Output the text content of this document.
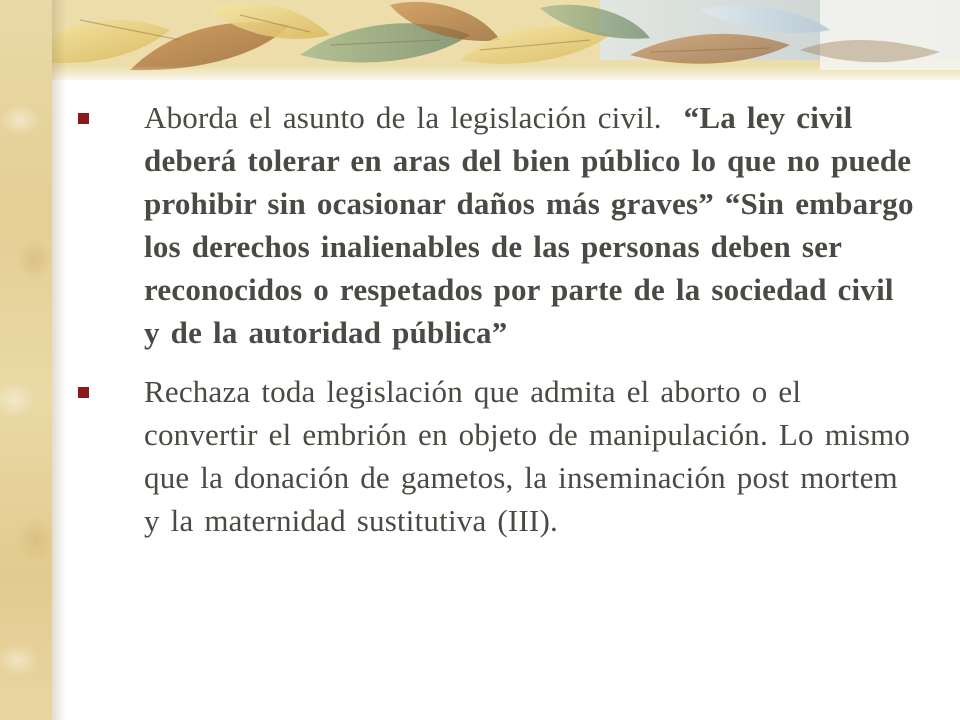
Aborda el asunto de la legislación civil. “La ley civil deberá tolerar en aras del bien público lo que no puede prohibir sin ocasionar daños más graves” “Sin embargo los derechos inalienables de las personas deben ser reconocidos o respetados por parte de la sociedad civil y de la autoridad pública”
Rechaza toda legislación que admita el aborto o el convertir el embrión en objeto de manipulación. Lo mismo que la donación de gametos, la inseminación post mortem y la maternidad sustitutiva (III).
